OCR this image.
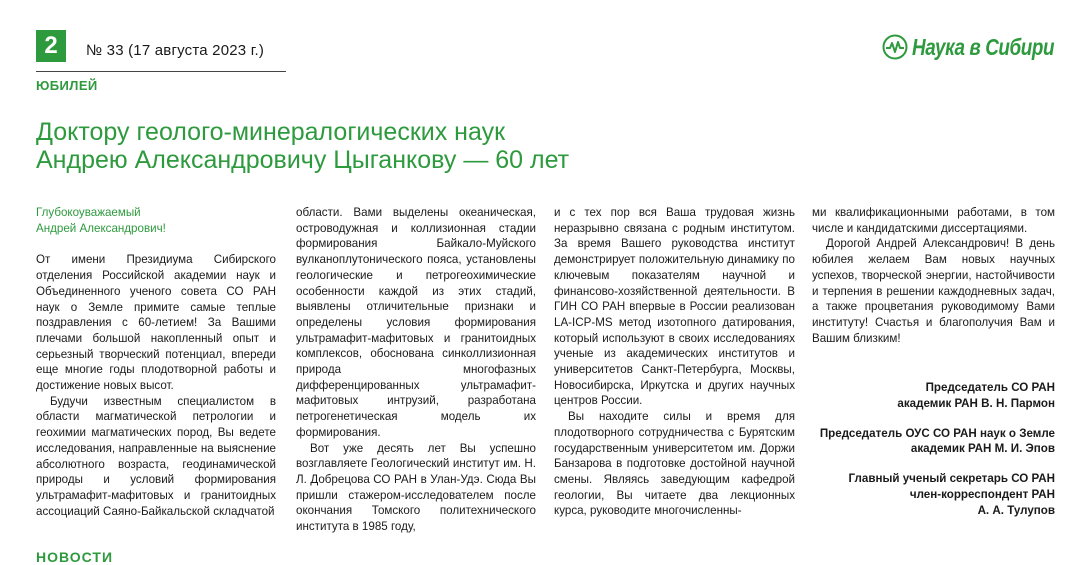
2	№ 33 (17 августа 2023 г.)
ЮБИЛЕЙ
Наука в Сибири
Доктору геолого-минералогических наук
Андрею Александровичу Цыганкову — 60 лет

Глубокоуважаемый
Андрей Александрович!

От имени Президиума Сибирского отделения Российской академии наук и Объединенного ученого совета СО РАН наук о Земле примите самые теплые поздравления с 60-летием! За Вашими плечами большой накопленный опыт и серьезный творческий потенциал, впереди еще многие годы плодотворной работы и достижение новых высот.

Будучи известным специалистом в области магматической петрологии и геохимии магматических пород, Вы ведете исследования, направленные на выяснение абсолютного возраста, геодинамической природы и условий формирования ультрамафит-мафитовых и гранитоидных ассоциаций Саяно-Байкальской складчатой

области. Вами выделены океаническая, островодужная и коллизионная стадии формирования Байкало-Муйского вулканоплутонического пояса, установлены геологические и петрогеохимические особенности каждой из этих стадий, выявлены отличительные признаки и определены условия формирования ультрамафит-мафитовых и гранитоидных комплексов, обоснована синколлизионная природа многофазных дифференцированных ультрамафит-мафитовых интрузий, разработана петрогенетическая модель их формирования.

Вот уже десять лет Вы успешно возглавляете Геологический институт им. Н. Л. Добрецова СО РАН в Улан-Удэ. Сюда Вы пришли стажером-исследователем после окончания Томского политехнического института в 1985 году,

и с тех пор вся Ваша трудовая жизнь неразрывно связана с родным институтом. За время Вашего руководства институт демонстрирует положительную динамику по ключевым показателям научной и финансово-хозяйственной деятельности. В ГИН СО РАН впервые в России реализован LA-ICP-MS метод изотопного датирования, который используют в своих исследованиях ученые из академических институтов и университетов Санкт-Петербурга, Москвы, Новосибирска, Иркутска и других научных центров России.

Вы находите силы и время для плодотворного сотрудничества с Бурятским государственным университетом им. Доржи Банзарова в подготовке достойной научной смены. Являясь заведующим кафедрой геологии, Вы читаете два лекционных курса, руководите многочисленны-

ми квалификационными работами, в том числе и кандидатскими диссертациями.

Дорогой Андрей Александрович! В день юбилея желаем Вам новых научных успехов, творческой энергии, настойчивости и терпения в решении каждодневных задач, а также процветания руководимому Вами институту! Счастья и благополучия Вам и Вашим близким!

Председатель СО РАН
академик РАН В. Н. Пармон
Председатель ОУС СО РАН наук о Земле
академик РАН М. И. Эпов
Главный ученый секретарь СО РАН
член-корреспондент РАН
А. А. Тулупов
НОВОСТИ
